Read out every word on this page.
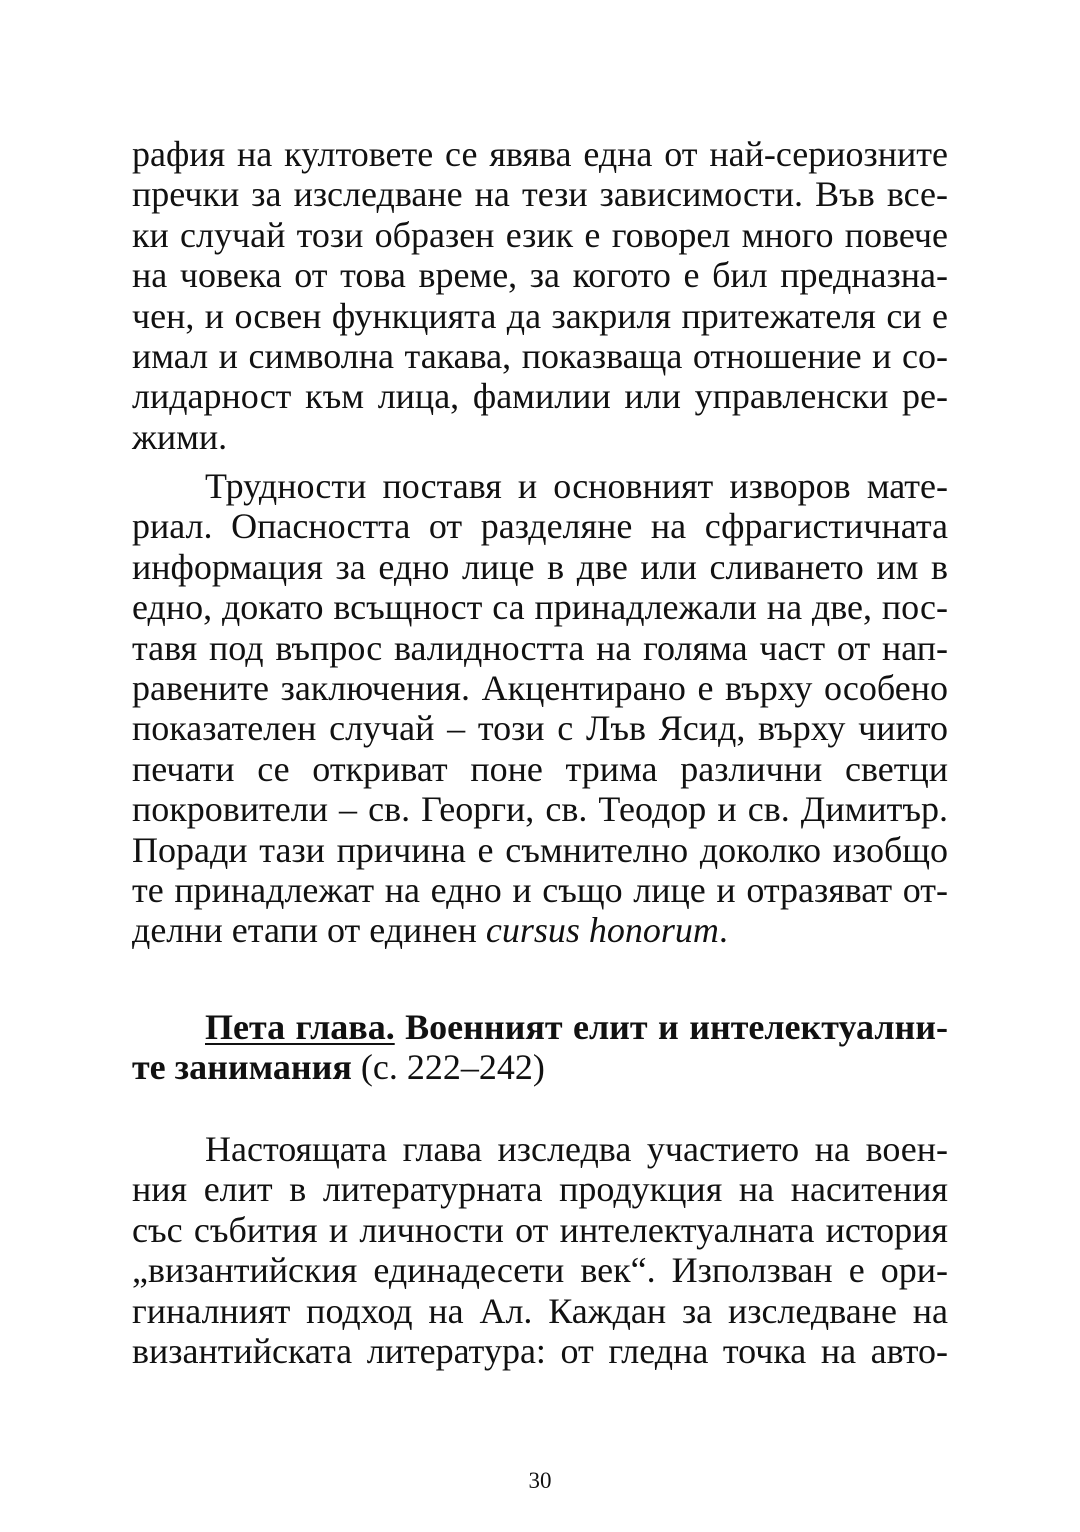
рафия на култовете се явява една от най-сериозните
пречки за изследване на тези зависимости. Във все-
ки случай този образен език е говорел много повече
на човека от това време, за когото е бил предназна-
чен, и освен функцията да закриля притежателя си е
имал и символна такава, показваща отношение и со-
лидарност към лица, фамилии или управленски ре-
жими.
Трудности поставя и основният изворов мате-
риал. Опасността от разделяне на сфрагистичната
информация за едно лице в две или сливането им в
едно, докато всъщност са принадлежали на две, пос-
тавя под въпрос валидността на голяма част от нап-
равените заключения. Акцентирано е върху особено
показателен случай – този с Лъв Ясид, върху чиито
печати се откриват поне трима различни светци
покровители – св. Георги, св. Теодор и св. Димитър.
Поради тази причина е съмнително доколко изобщо
те принадлежат на едно и също лице и отразяват от-
делни етапи от единен cursus honorum.
Пета глава. Военният елит и интелектуални-
те занимания (с. 222–242)
Настоящата глава изследва участието на воен-
ния елит в литературната продукция на наситения
със събития и личности от интелектуалната история
„византийския единадесети век“. Използван е ори-
гиналният подход на Ал. Каждан за изследване на
византийската литература: от гледна точка на авто-
30
